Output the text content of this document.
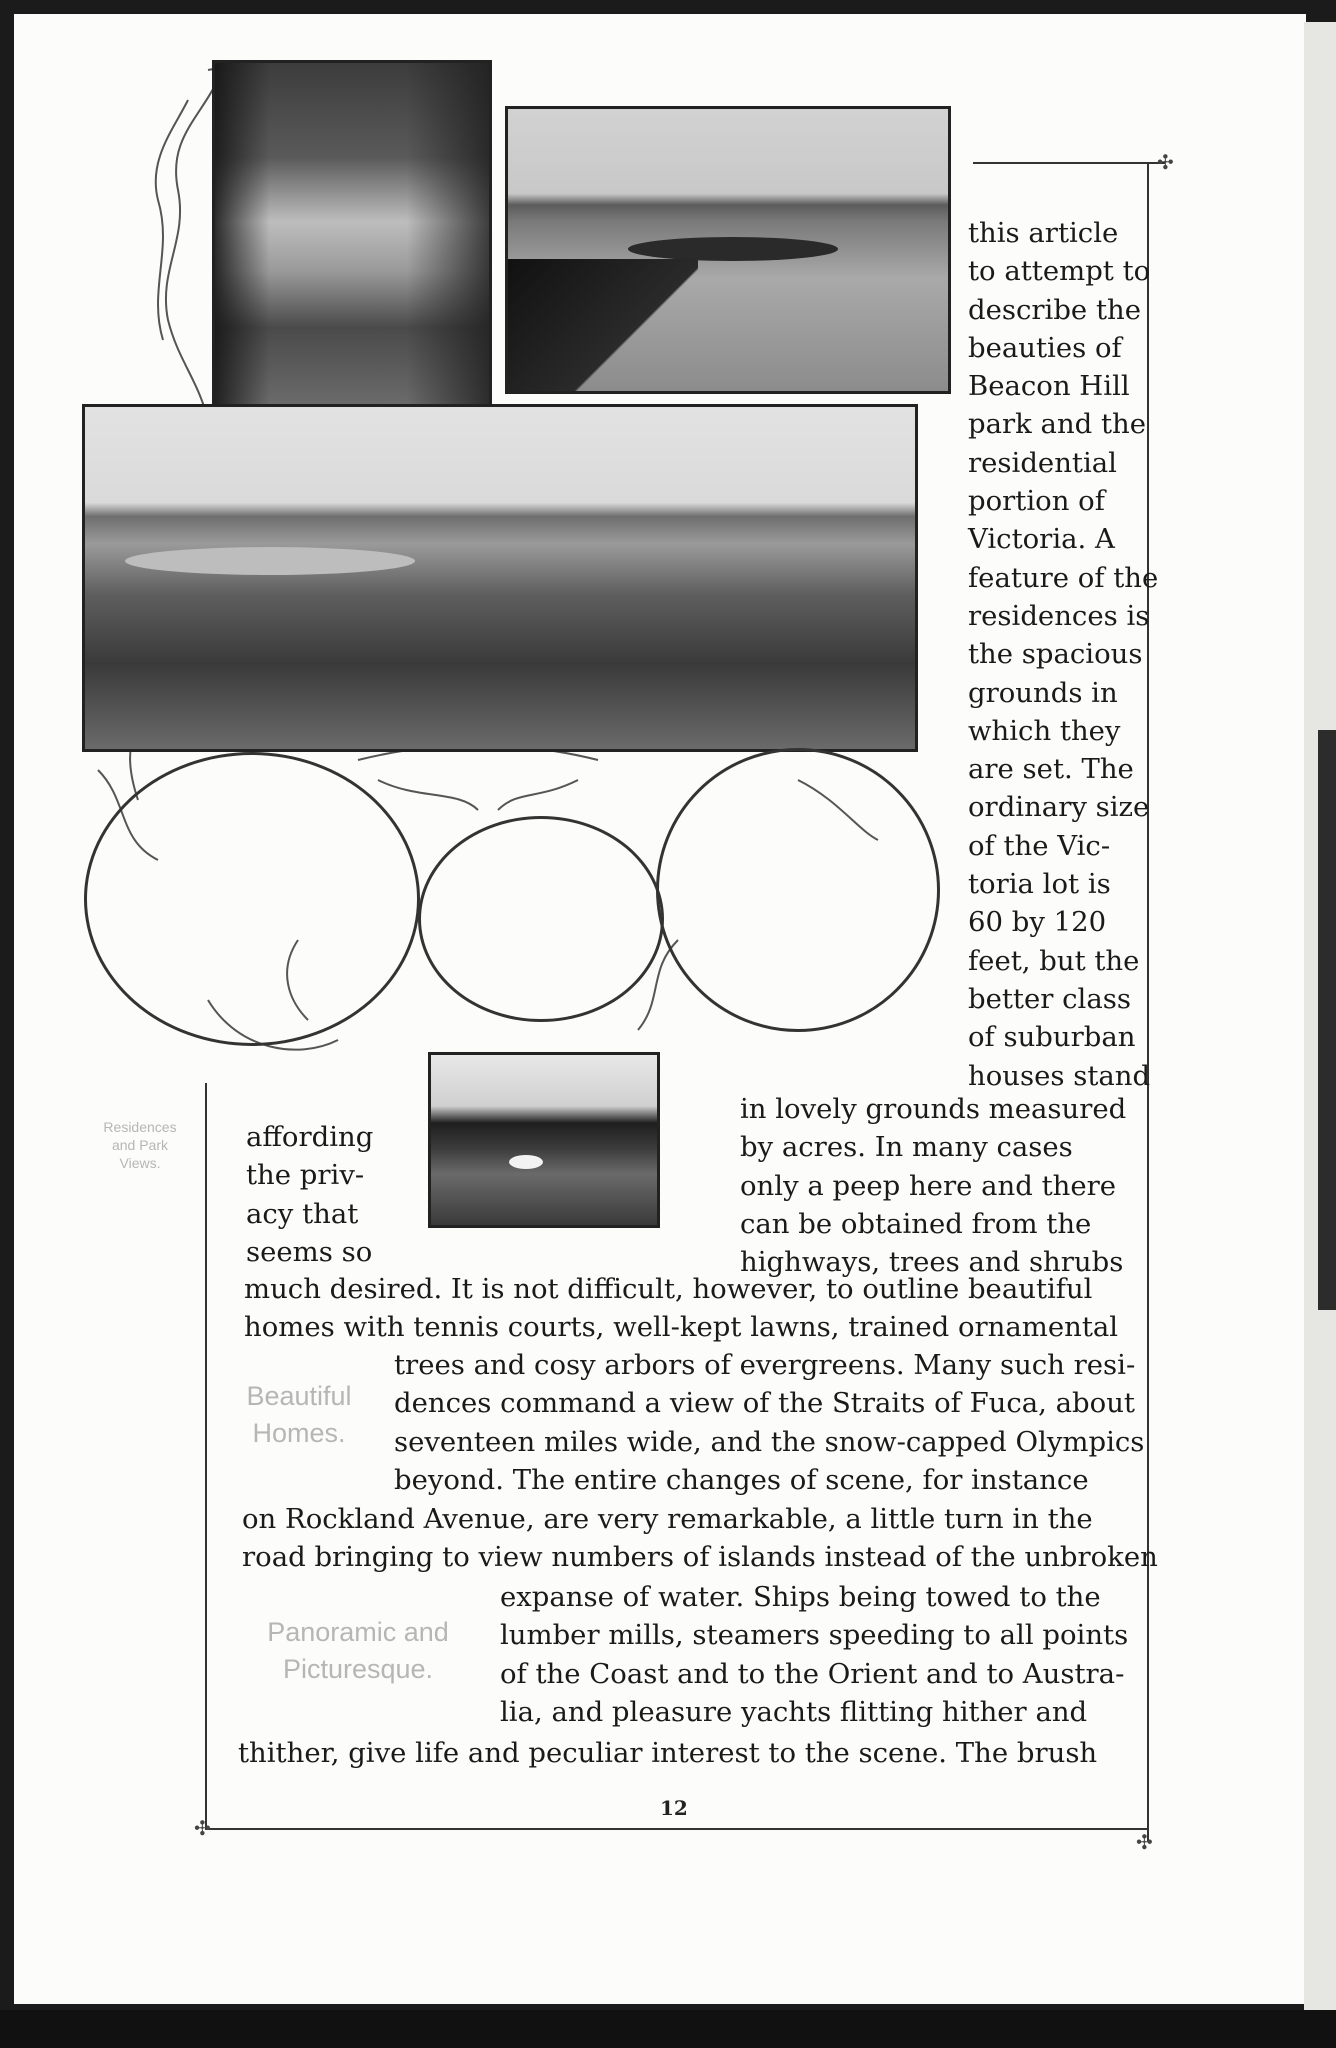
✣
✣
✣
Residences
and Park
Views.
Beautiful
Homes.
Panoramic and
Picturesque.
this article
to attempt to
describe the
beauties of
Beacon Hill
park and the
residential
portion of
Victoria. A
feature of the
residences is
the spacious
grounds in
which they
are set. The
ordinary size
of the Vic-
toria lot is
60 by 120
feet, but the
better class
of suburban
houses stand
in lovely grounds measured
by acres. In many cases
only a peep here and there
can be obtained from the
highways, trees and shrubs
affording
the priv-
acy that
seems so
much desired. It is not difficult, however, to outline beautiful
homes with tennis courts, well-kept lawns, trained ornamental
trees and cosy arbors of evergreens. Many such resi-
dences command a view of the Straits of Fuca, about
seventeen miles wide, and the snow-capped Olympics
beyond. The entire changes of scene, for instance
on Rockland Avenue, are very remarkable, a little turn in the
road bringing to view numbers of islands instead of the unbroken
expanse of water. Ships being towed to the
lumber mills, steamers speeding to all points
of the Coast and to the Orient and to Austra-
lia, and pleasure yachts flitting hither and
thither, give life and peculiar interest to the scene. The brush
12
